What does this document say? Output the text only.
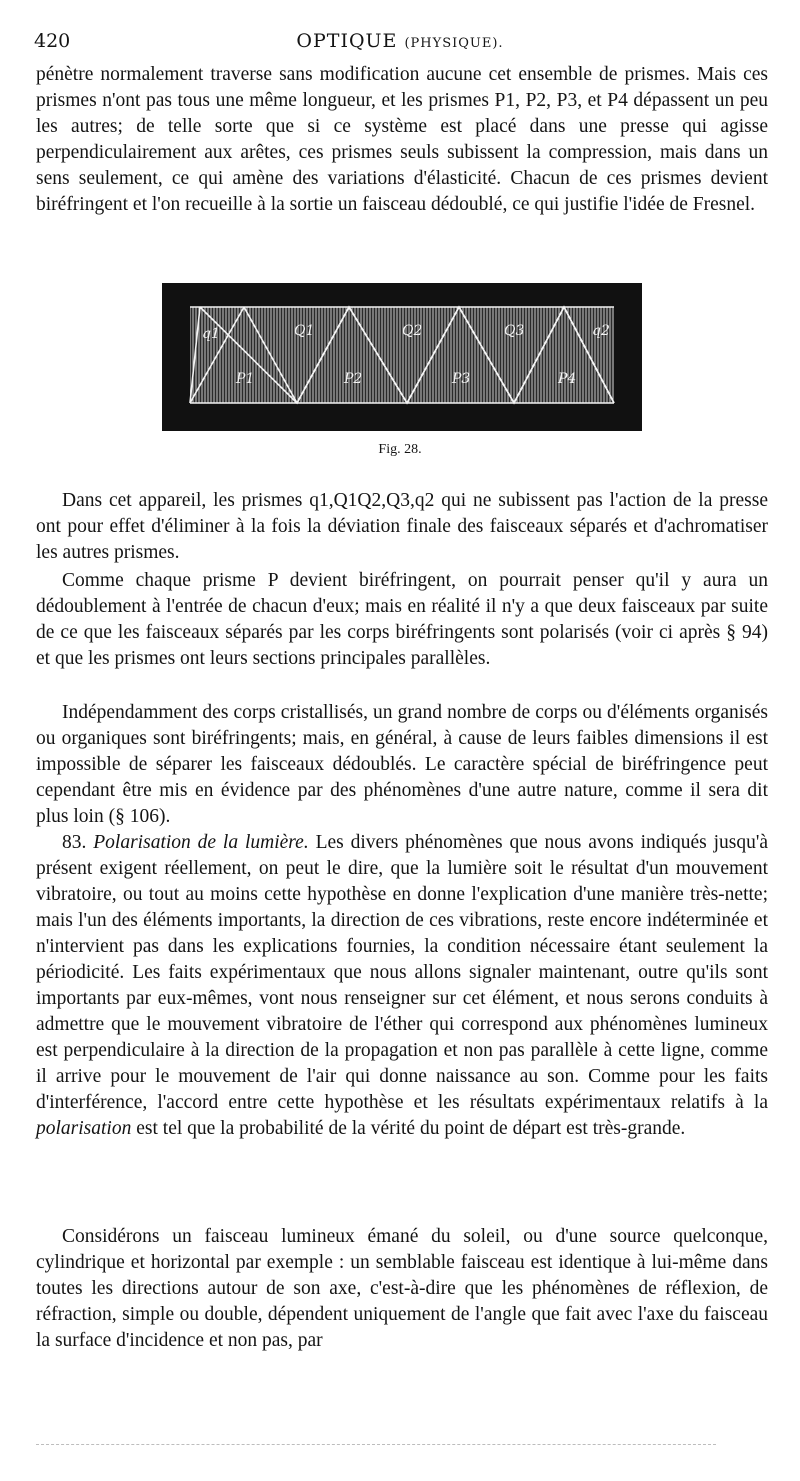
420	OPTIQUE (PHYSIQUE).

pénètre normalement traverse sans modification aucune cet ensemble de prismes. Mais ces prismes n'ont pas tous une même longueur, et les prismes P1, P2, P3, et P4 dépassent un peu les autres; de telle sorte que si ce système est placé dans une presse qui agisse perpendiculairement aux arêtes, ces prismes seuls subissent la compression, mais dans un sens seulement, ce qui amène des variations d'élasticité. Chacun de ces prismes devient biréfringent et l'on recueille à la sortie un faisceau dédoublé, ce qui justifie l'idée de Fresnel.

q1	Q1	Q2	Q3	q2
P1	P2	P3	P4
Fig. 28.

Dans cet appareil, les prismes q1,Q1Q2,Q3,q2 qui ne subissent pas l'action de la presse ont pour effet d'éliminer à la fois la déviation finale des faisceaux séparés et d'achromatiser les autres prismes.

Comme chaque prisme P devient biréfringent, on pourrait penser qu'il y aura un dédoublement à l'entrée de chacun d'eux; mais en réalité il n'y a que deux faisceaux par suite de ce que les faisceaux séparés par les corps biréfringents sont polarisés (voir ci après § 94) et que les prismes ont leurs sections principales parallèles.

Indépendamment des corps cristallisés, un grand nombre de corps ou d'éléments organisés ou organiques sont biréfringents; mais, en général, à cause de leurs faibles dimensions il est impossible de séparer les faisceaux dédoublés. Le caractère spécial de biréfringence peut cependant être mis en évidence par des phénomènes d'une autre nature, comme il sera dit plus loin (§ 106).

83. Polarisation de la lumière. Les divers phénomènes que nous avons indiqués jusqu'à présent exigent réellement, on peut le dire, que la lumière soit le résultat d'un mouvement vibratoire, ou tout au moins cette hypothèse en donne l'explication d'une manière très-nette; mais l'un des éléments importants, la direction de ces vibrations, reste encore indéterminée et n'intervient pas dans les explications fournies, la condition nécessaire étant seulement la périodicité. Les faits expérimentaux que nous allons signaler maintenant, outre qu'ils sont importants par eux-mêmes, vont nous renseigner sur cet élément, et nous serons conduits à admettre que le mouvement vibratoire de l'éther qui correspond aux phénomènes lumineux est perpendiculaire à la direction de la propagation et non pas parallèle à cette ligne, comme il arrive pour le mouvement de l'air qui donne naissance au son. Comme pour les faits d'interférence, l'accord entre cette hypothèse et les résultats expérimentaux relatifs à la polarisation est tel que la probabilité de la vérité du point de départ est très-grande.

Considérons un faisceau lumineux émané du soleil, ou d'une source quelconque, cylindrique et horizontal par exemple : un semblable faisceau est identique à lui-même dans toutes les directions autour de son axe, c'est-à-dire que les phénomènes de réflexion, de réfraction, simple ou double, dépendent uniquement de l'angle que fait avec l'axe du faisceau la surface d'incidence et non pas, par
